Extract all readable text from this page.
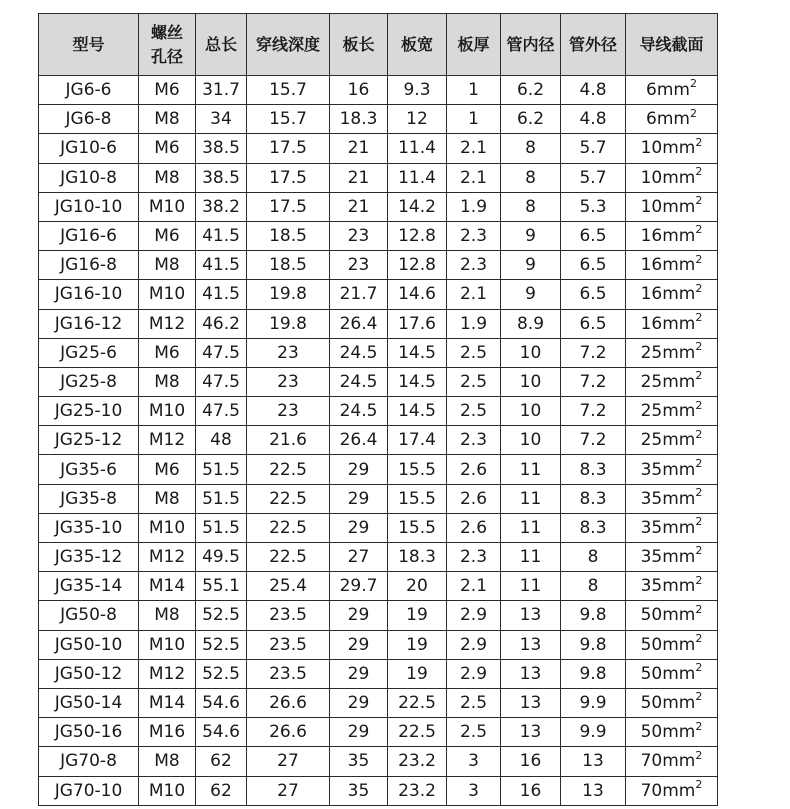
型号	螺丝孔径	总长	穿线深度	板长	板宽	板厚	管内径	管外径	导线截面
JG6-6	M6	31.7	15.7	16	9.3	1	6.2	4.8	$6mm^2$
JG6-8	M8	34	15.7	18.3	12	1	6.2	4.8	$6mm^2$
JG10-6	M6	38.5	17.5	21	11.4	2.1	8	5.7	$10mm^2$
JG10-8	M8	38.5	17.5	21	11.4	2.1	8	5.7	$10mm^2$
JG10-10	M10	38.2	17.5	21	14.2	1.9	8	5.3	$10mm^2$
JG16-6	M6	41.5	18.5	23	12.8	2.3	9	6.5	$16mm^2$
JG16-8	M8	41.5	18.5	23	12.8	2.3	9	6.5	$16mm^2$
JG16-10	M10	41.5	19.8	21.7	14.6	2.1	9	6.5	$16mm^2$
JG16-12	M12	46.2	19.8	26.4	17.6	1.9	8.9	6.5	$16mm^2$
JG25-6	M6	47.5	23	24.5	14.5	2.5	10	7.2	$25mm^2$
JG25-8	M8	47.5	23	24.5	14.5	2.5	10	7.2	$25mm^2$
JG25-10	M10	47.5	23	24.5	14.5	2.5	10	7.2	$25mm^2$
JG25-12	M12	48	21.6	26.4	17.4	2.3	10	7.2	$25mm^2$
JG35-6	M6	51.5	22.5	29	15.5	2.6	11	8.3	$35mm^2$
JG35-8	M8	51.5	22.5	29	15.5	2.6	11	8.3	$35mm^2$
JG35-10	M10	51.5	22.5	29	15.5	2.6	11	8.3	$35mm^2$
JG35-12	M12	49.5	22.5	27	18.3	2.3	11	8	$35mm^2$
JG35-14	M14	55.1	25.4	29.7	20	2.1	11	8	$35mm^2$
JG50-8	M8	52.5	23.5	29	19	2.9	13	9.8	$50mm^2$
JG50-10	M10	52.5	23.5	29	19	2.9	13	9.8	$50mm^2$
JG50-12	M12	52.5	23.5	29	19	2.9	13	9.8	$50mm^2$
JG50-14	M14	54.6	26.6	29	22.5	2.5	13	9.9	$50mm^2$
JG50-16	M16	54.6	26.6	29	22.5	2.5	13	9.9	$50mm^2$
JG70-8	M8	62	27	35	23.2	3	16	13	$70mm^2$
JG70-10	M10	62	27	35	23.2	3	16	13	$70mm^2$
